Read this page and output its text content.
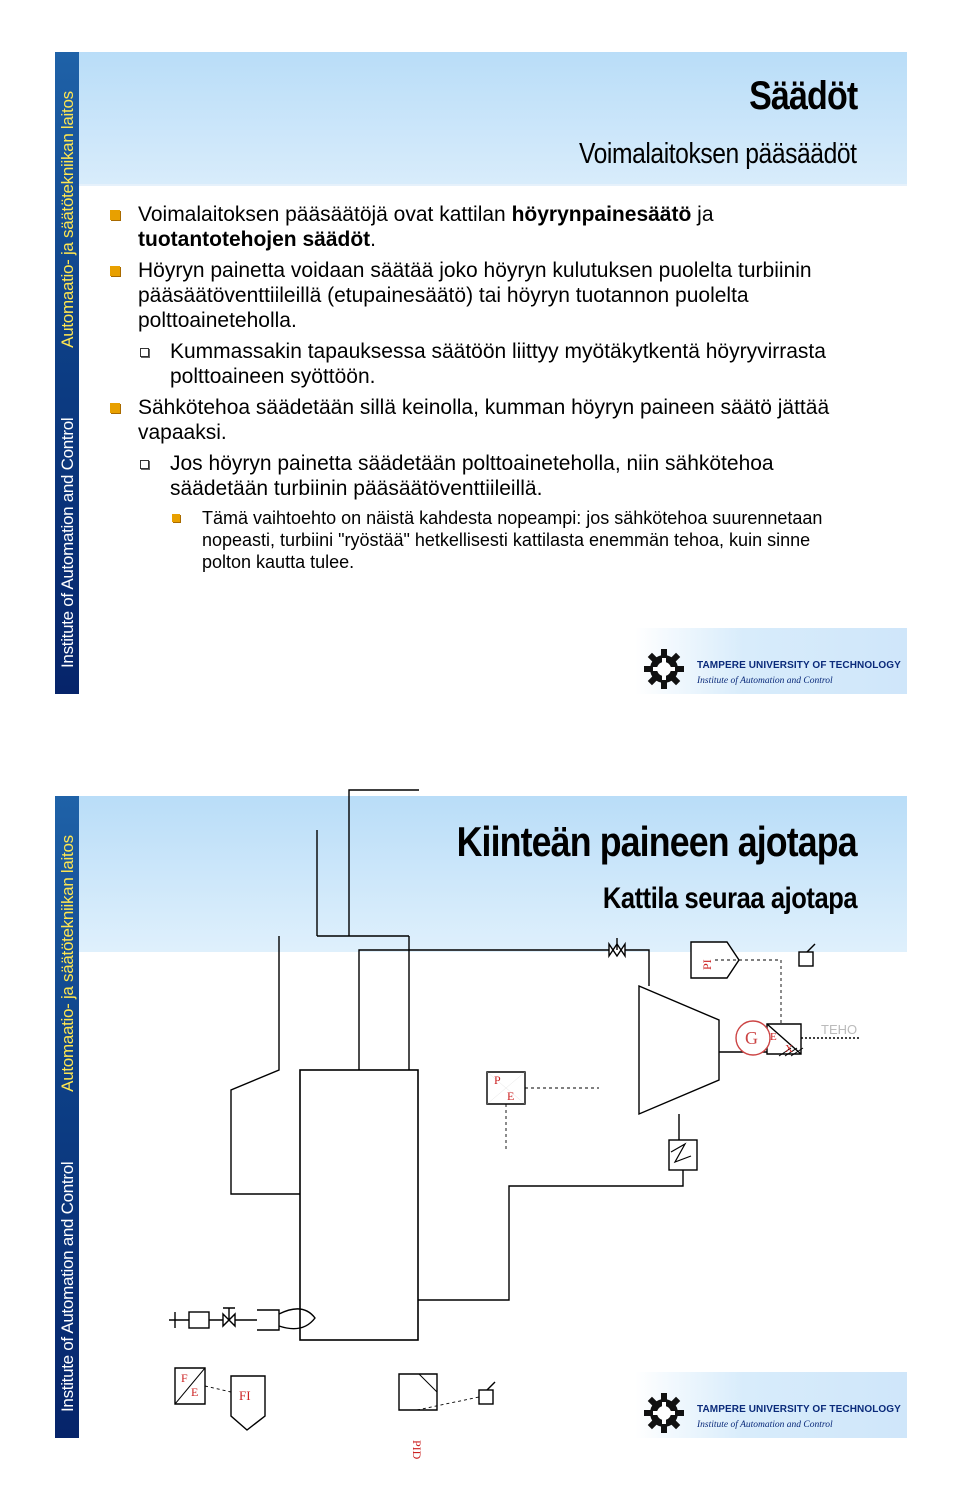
Institute of Automation and Control                Automaatio- ja säätötekniikan laitos	Säädöt
Voimalaitoksen pääsäädöt
Voimalaitoksen pääsäätöjä ovat kattilan höyrynpainesäätö ja tuotantotehojen säädöt.
Höyryn painetta voidaan säätää joko höyryn kulutuksen puolelta turbiinin pääsäätöventtiileillä (etupainesäätö) tai höyryn tuotannon puolelta polttoaineteholla.
Kummassakin tapauksessa säätöön liittyy myötäkytkentä höyryvirrasta polttoaineen syöttöön.
Sähkötehoa säädetään sillä keinolla, kumman höyryn paineen säätö jättää vapaaksi.
Jos höyryn painetta säädetään polttoaineteholla, niin sähkötehoa säädetään turbiinin pääsäätöventtiileillä.
Tämä vaihtoehto on näistä kahdesta nopeampi: jos sähkötehoa suurennetaan nopeasti, turbiini "ryöstää" hetkellisesti kattilasta enemmän tehoa, kuin sinne polton kautta tulee.
TAMPERE UNIVERSITY OF TECHNOLOGY
Institute of Automation and Control
Institute of Automation and Control                Automaatio- ja säätötekniikan laitos	Kiinteän paineen ajotapa
Kattila seuraa ajotapa
P
E
PI
E
X
F
E	FI
PID
G	TEHO
TAMPERE UNIVERSITY OF TECHNOLOGY
Institute of Automation and Control
